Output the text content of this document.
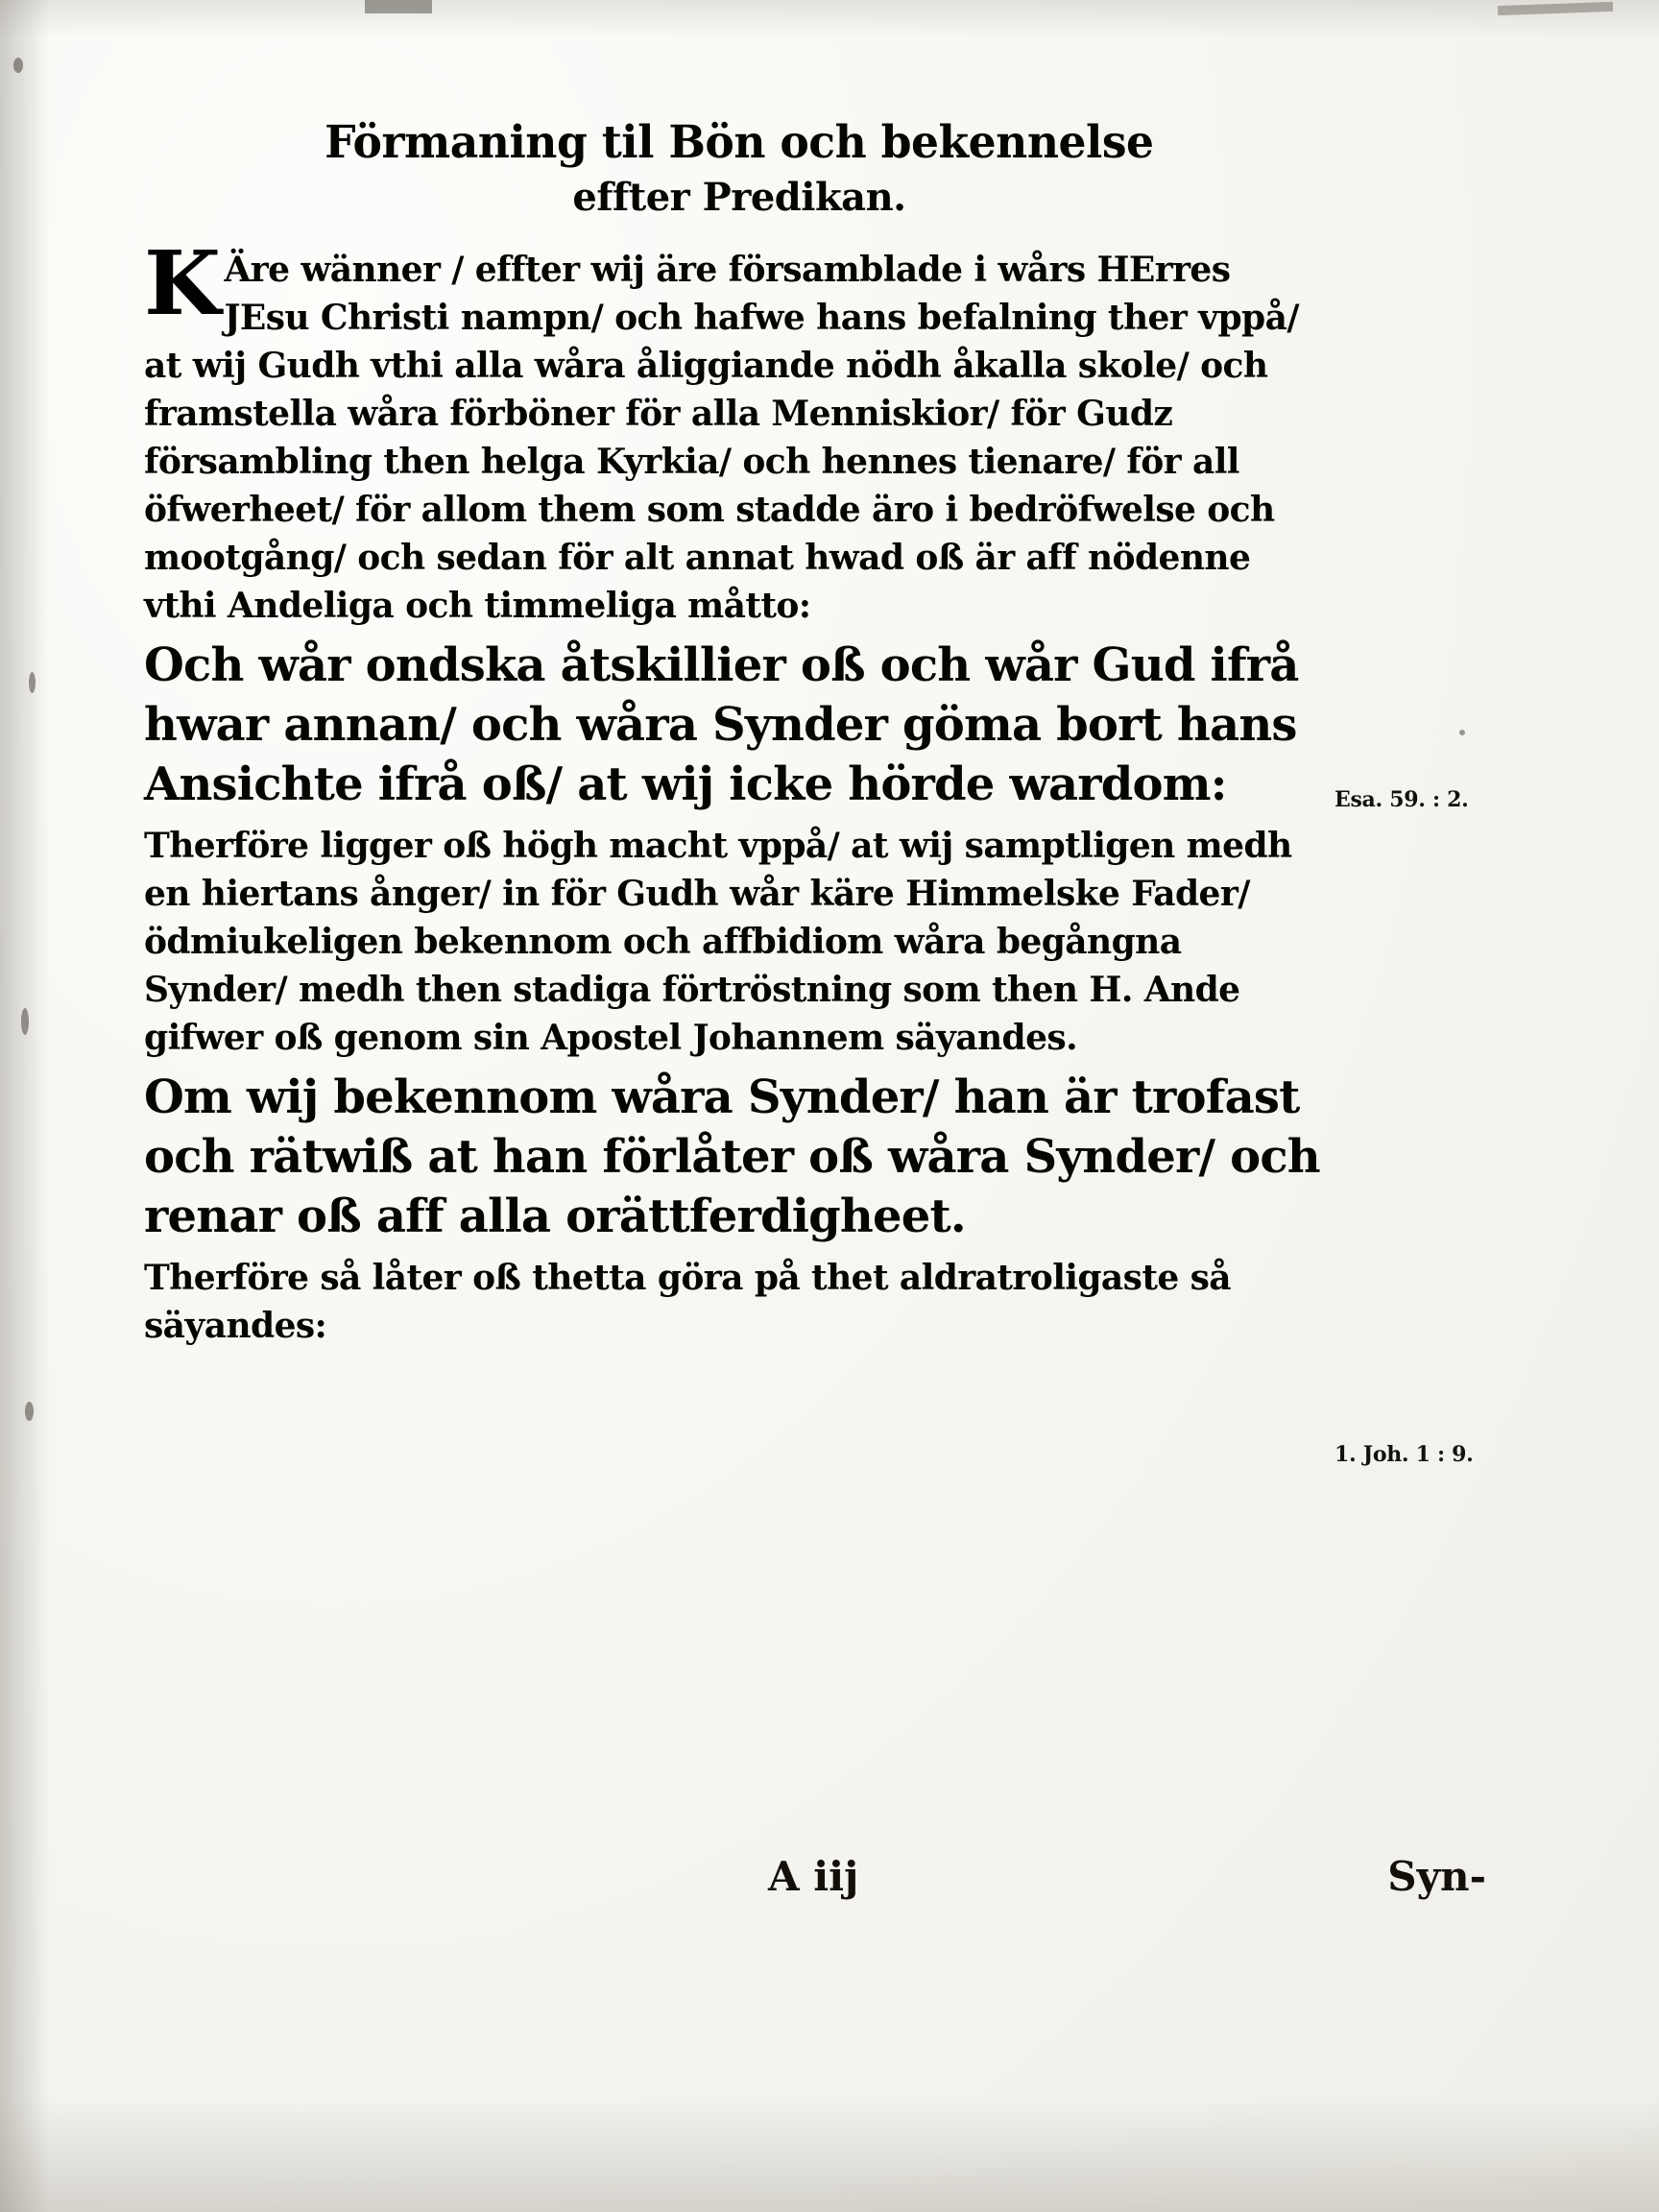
Förmaning til Bön och bekennelse
effter Predikan.
K Äre wänner / effter wij äre församblade i wårs HErres JEsu Christi nampn/ och hafwe hans befalning ther vppå/ at wij Gudh vthi alla wåra åliggiande nödh åkalla skole/ och framstella wåra förböner för alla Menniskior/ för Gudz försambling then helga Kyrkia/ och hennes tienare/ för all öfwerheet/ för allom them som stadde äro i bedröfwelse och mootgång/ och sedan för alt annat hwad oß är aff nödenne vthi Andeliga och timmeliga måtto:

Och wår ondska åtskillier oß och wår Gud ifrå hwar annan/ och wåra Synder göma bort hans Ansichte ifrå oß/ at wij icke hörde wardom:

Therföre ligger oß högh macht vppå/ at wij samptligen medh en hiertans ånger/ in för Gudh wår käre Himmelske Fader/ ödmiukeligen bekennom och affbidiom wåra begångna Synder/ medh then stadiga förtröstning som then H. Ande gifwer oß genom sin Apostel Johannem säyandes.

Om wij bekennom wåra Synder/ han är trofast och rätwiß at han förlåter oß wåra Synder/ och renar oß aff alla orättferdigheet.

Therföre så låter oß thetta göra på thet aldratroligaste så säyandes:

Esa. 59. : 2.
1. Joh. 1 : 9.
A iij	Syn-
